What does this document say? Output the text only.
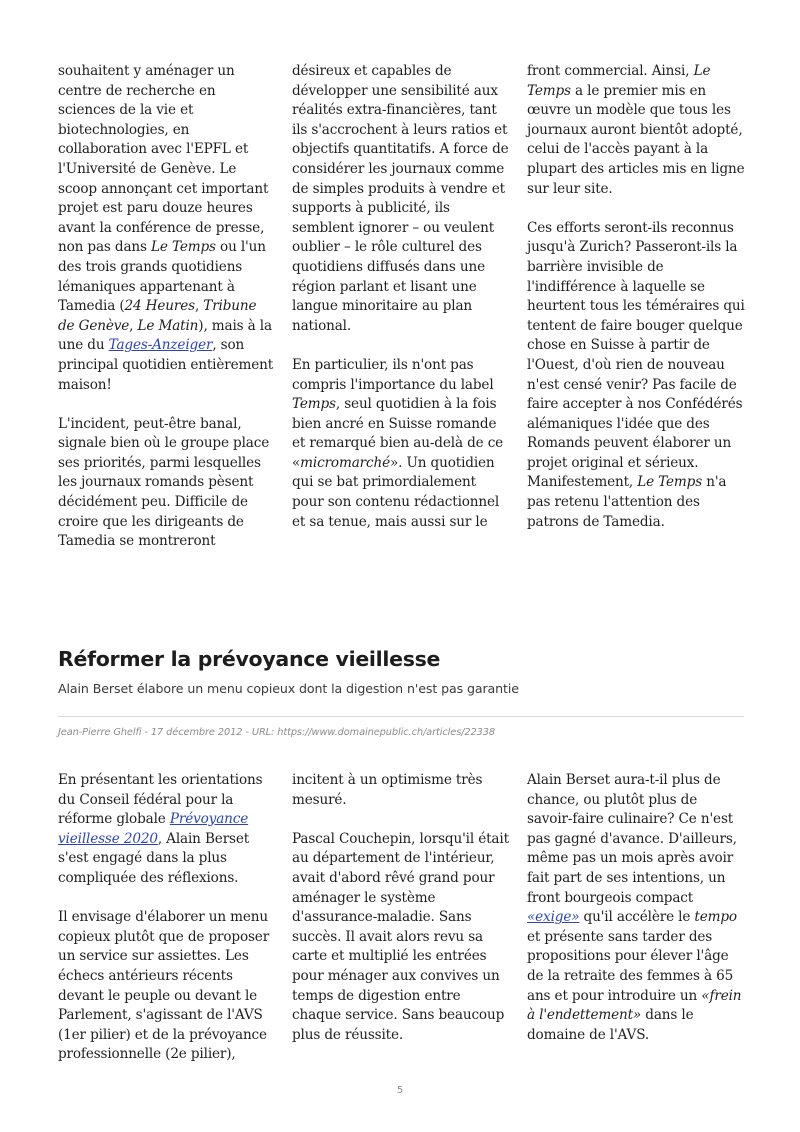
souhaitent y aménager un centre de recherche en sciences de la vie et biotechnologies, en collaboration avec l'EPFL et l'Université de Genève. Le scoop annonçant cet important projet est paru douze heures avant la conférence de presse, non pas dans Le Temps ou l'un des trois grands quotidiens lémaniques appartenant à Tamedia (24 Heures, Tribune de Genève, Le Matin), mais à la une du Tages-Anzeiger, son principal quotidien entièrement maison!

L'incident, peut-être banal, signale bien où le groupe place ses priorités, parmi lesquelles les journaux romands pèsent décidément peu. Difficile de croire que les dirigeants de Tamedia se montreront

désireux et capables de développer une sensibilité aux réalités extra-financières, tant ils s'accrochent à leurs ratios et objectifs quantitatifs. A force de considérer les journaux comme de simples produits à vendre et supports à publicité, ils semblent ignorer – ou veulent oublier – le rôle culturel des quotidiens diffusés dans une région parlant et lisant une langue minoritaire au plan national.

En particulier, ils n'ont pas compris l'importance du label Temps, seul quotidien à la fois bien ancré en Suisse romande et remarqué bien au-delà de ce «micromarché». Un quotidien qui se bat primordialement pour son contenu rédactionnel et sa tenue, mais aussi sur le

front commercial. Ainsi, Le Temps a le premier mis en œuvre un modèle que tous les journaux auront bientôt adopté, celui de l'accès payant à la plupart des articles mis en ligne sur leur site.

Ces efforts seront-ils reconnus jusqu'à Zurich? Passeront-ils la barrière invisible de l'indifférence à laquelle se heurtent tous les téméraires qui tentent de faire bouger quelque chose en Suisse à partir de l'Ouest, d'où rien de nouveau n'est censé venir? Pas facile de faire accepter à nos Confédérés alémaniques l'idée que des Romands peuvent élaborer un projet original et sérieux. Manifestement, Le Temps n'a pas retenu l'attention des patrons de Tamedia.

Réformer la prévoyance vieillesse

Alain Berset élabore un menu copieux dont la digestion n'est pas garantie

Jean-Pierre Ghelfi - 17 décembre 2012 - URL: https://www.domainepublic.ch/articles/22338

En présentant les orientations du Conseil fédéral pour la réforme globale Prévoyance vieillesse 2020, Alain Berset s'est engagé dans la plus compliquée des réflexions.

Il envisage d'élaborer un menu copieux plutôt que de proposer un service sur assiettes. Les échecs antérieurs récents devant le peuple ou devant le Parlement, s'agissant de l'AVS (1er pilier) et de la prévoyance professionnelle (2e pilier),

incitent à un optimisme très mesuré.

Pascal Couchepin, lorsqu'il était au département de l'intérieur, avait d'abord rêvé grand pour aménager le système d'assurance-maladie. Sans succès. Il avait alors revu sa carte et multiplié les entrées pour ménager aux convives un temps de digestion entre chaque service. Sans beaucoup plus de réussite.

Alain Berset aura-t-il plus de chance, ou plutôt plus de savoir-faire culinaire? Ce n'est pas gagné d'avance. D'ailleurs, même pas un mois après avoir fait part de ses intentions, un front bourgeois compact «exige» qu'il accélère le tempo et présente sans tarder des propositions pour élever l'âge de la retraite des femmes à 65 ans et pour introduire un «frein à l'endettement» dans le domaine de l'AVS.

5
